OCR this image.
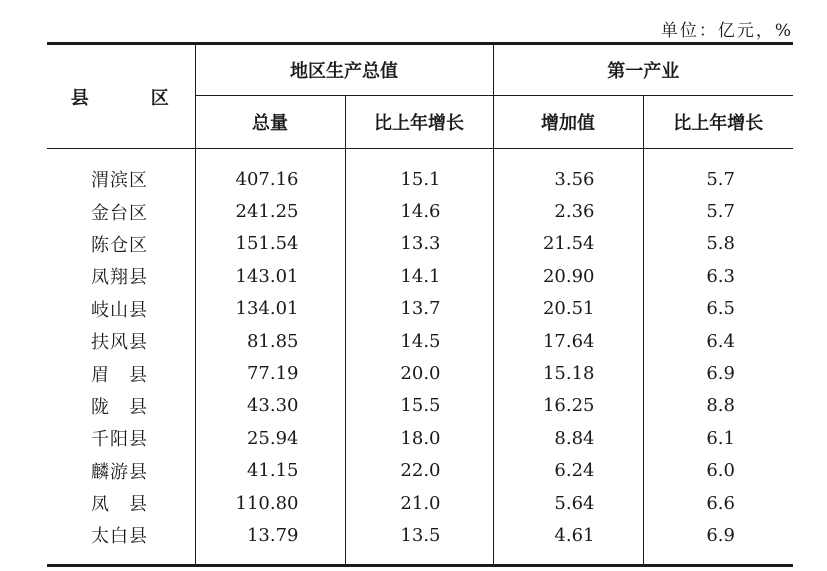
单位：亿元，%
县　区	地区生产总值		第一产业	
	总量	比上年增长	增加值	比上年增长
渭滨区	407.16	15.1	3.56	5.7
金台区	241.25	14.6	2.36	5.7
陈仓区	151.54	13.3	21.54	5.8
凤翔县	143.01	14.1	20.90	6.3
岐山县	134.01	13.7	20.51	6.5
扶风县	81.85	14.5	17.64	6.4
眉　县	77.19	20.0	15.18	6.9
陇　县	43.30	15.5	16.25	8.8
千阳县	25.94	18.0	8.84	6.1
麟游县	41.15	22.0	6.24	6.0
凤　县	110.80	21.0	5.64	6.6
太白县	13.79	13.5	4.61	6.9
